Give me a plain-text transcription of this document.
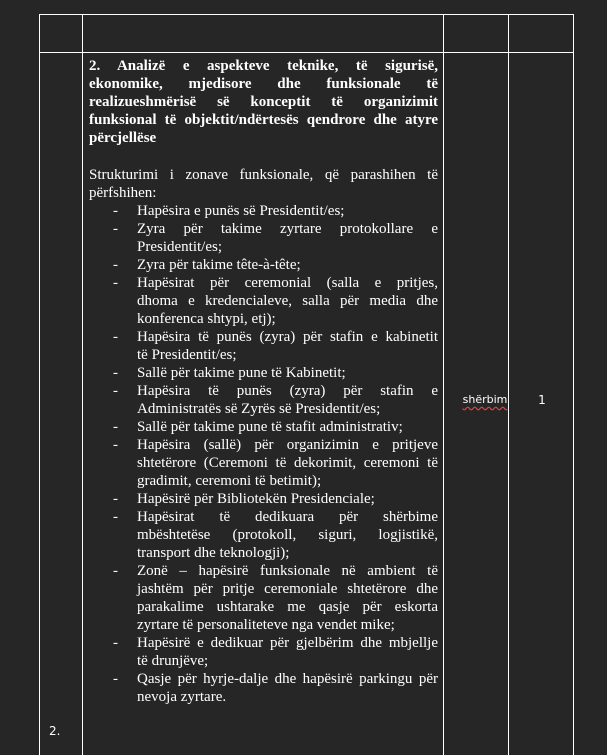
2. Analizë e aspekteve teknike, të sigurisë,
ekonomike, mjedisore dhe funksionale të
realizueshmërisë së konceptit të organizimit
funksional të objektit/ndërtesës qendrore dhe atyre
përcjellëse

Strukturimi i zonave funksionale, që parashihen të
përfshihen:

- Hapësira e punës së Presidentit/es;
- Zyra për takime zyrtare protokollare e
Presidentit/es;
- Zyra për takime tête-à-tête;
- Hapësirat për ceremonial (salla e pritjes,
dhoma e kredencialeve, salla për media dhe
konferenca shtypi, etj);
- Hapësira të punës (zyra) për stafin e kabinetit
të Presidentit/es;
- Sallë për takime pune të Kabinetit;
- Hapësira të punës (zyra) për stafin e
Administratës së Zyrës së Presidentit/es;
- Sallë për takime pune të stafit administrativ;
- Hapësira (sallë) për organizimin e pritjeve
shtetërore (Ceremoni të dekorimit, ceremoni të
gradimit, ceremoni të betimit);
- Hapësirë për Bibliotekën Presidenciale;
- Hapësirat të dedikuara për shërbime
mbështetëse (protokoll, siguri, logjistikë,
transport dhe teknologji);
- Zonë – hapësirë funksionale në ambient të
jashtëm për pritje ceremoniale shtetërore dhe
parakalime ushtarake me qasje për eskorta
zyrtare të personaliteteve nga vendet mike;
- Hapësirë e dedikuar për gjelbërim dhe mbjellje
të drunjëve;
- Qasje për hyrje-dalje dhe hapësirë parkingu për
nevoja zyrtare.
shërbim	1
2.
